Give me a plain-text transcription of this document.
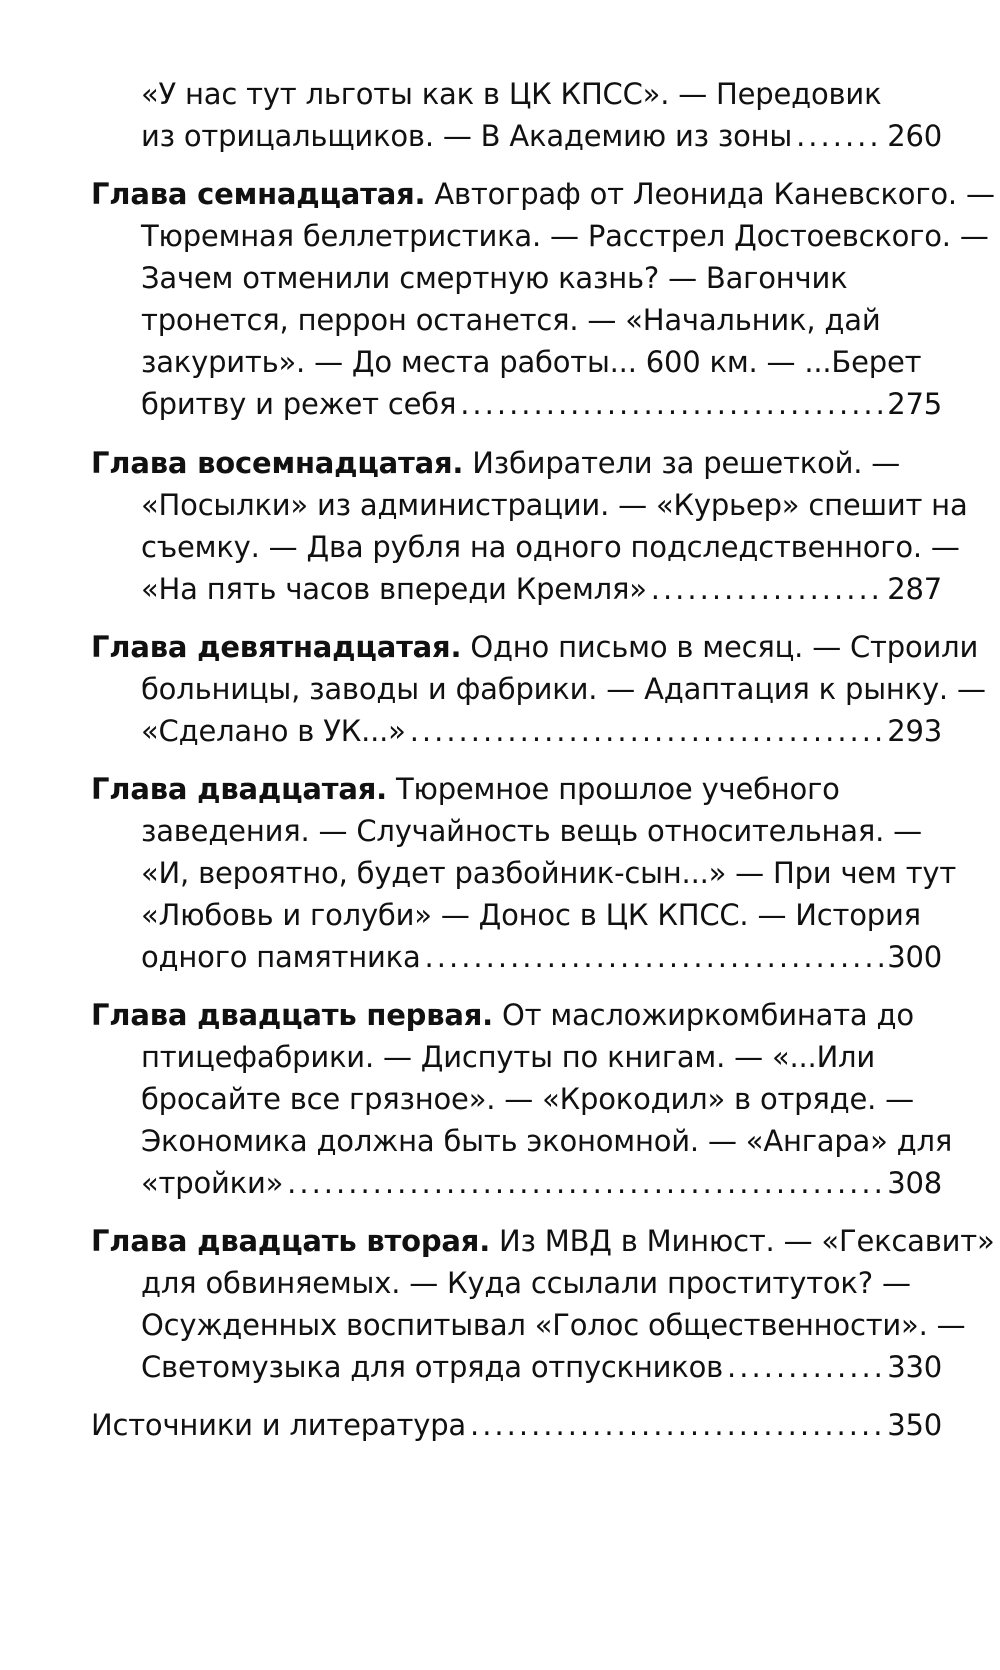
«У нас тут льготы как в ЦК КПСС». — Передовик
из отрицальщиков. — В Академию из зоны .....	260
Глава семнадцатая. Автограф от Леонида Каневского. —
Тюремная беллетристика. — Расстрел Достоевского. —
Зачем отменили смертную казнь? — Вагончик
тронется, перрон останется. — «Начальник, дай
закурить». — До места работы... 600 км. — ...Берет
бритву и режет себя .....	275
Глава восемнадцатая. Избиратели за решеткой. —
«Посылки» из администрации. — «Курьер» спешит на
съемку. — Два рубля на одного подследственного. —
«На пять часов впереди Кремля» .....	287
Глава девятнадцатая. Одно письмо в месяц. — Строили
больницы, заводы и фабрики. — Адаптация к рынку. —
«Сделано в УК...» .....	293
Глава двадцатая. Тюремное прошлое учебного
заведения. — Случайность вещь относительная. —
«И, вероятно, будет разбойник-сын...» — При чем тут
«Любовь и голуби» — Донос в ЦК КПСС. — История
одного памятника .....	300
Глава двадцать первая. От масложиркомбината до
птицефабрики. — Диспуты по книгам. — «...Или
бросайте все грязное». — «Крокодил» в отряде. —
Экономика должна быть экономной. — «Ангара» для
«тройки» .....	308
Глава двадцать вторая. Из МВД в Минюст. — «Гексавит»
для обвиняемых. — Куда ссылали проституток? —
Осужденных воспитывал «Голос общественности». —
Светомузыка для отряда отпускников .....	330
Источники и литература .....	350
